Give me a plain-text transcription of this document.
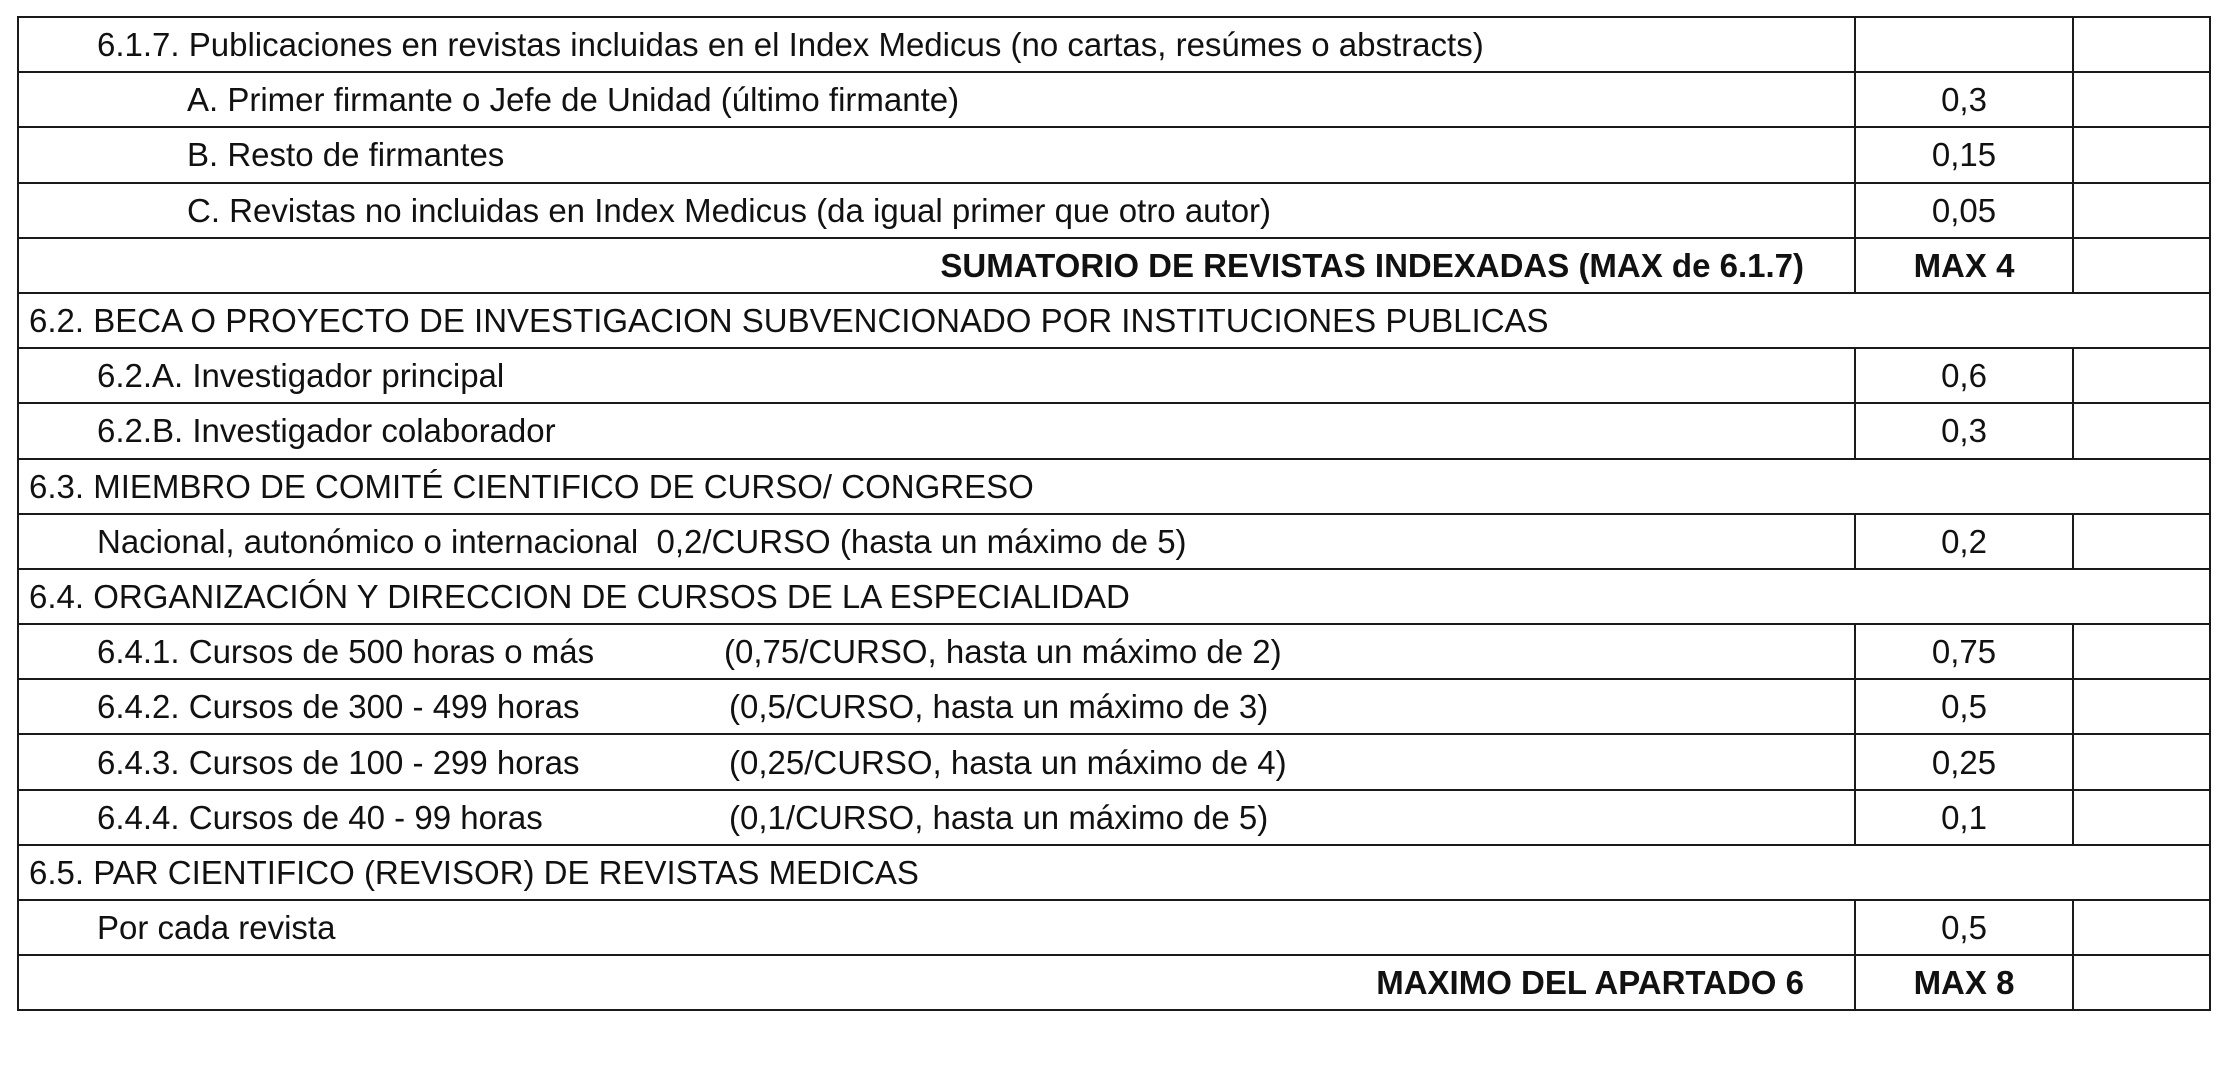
6.1.7. Publicaciones en revistas incluidas en el Index Medicus (no cartas, resúmes o abstracts)		
A. Primer firmante o Jefe de Unidad (último firmante)	0,3	
B. Resto de firmantes	0,15	
C. Revistas no incluidas en Index Medicus (da igual primer que otro autor)	0,05	
SUMATORIO DE REVISTAS INDEXADAS (MAX de 6.1.7)	MAX 4	
6.2. BECA O PROYECTO DE INVESTIGACION SUBVENCIONADO POR INSTITUCIONES PUBLICAS		
6.2.A. Investigador principal	0,6	
6.2.B. Investigador colaborador	0,3	
6.3. MIEMBRO DE COMITÉ CIENTIFICO DE CURSO/ CONGRESO		
Nacional, autonómico o internacional  0,2/CURSO (hasta un máximo de 5)	0,2	
6.4. ORGANIZACIÓN Y DIRECCION DE CURSOS DE LA ESPECIALIDAD		
6.4.1. Cursos de 500 horas o más (0,75/CURSO, hasta un máximo de 2)	0,75	
6.4.2. Cursos de 300 - 499 horas (0,5/CURSO, hasta un máximo de 3)	0,5	
6.4.3. Cursos de 100 - 299 horas (0,25/CURSO, hasta un máximo de 4)	0,25	
6.4.4. Cursos de 40 - 99 horas (0,1/CURSO, hasta un máximo de 5)	0,1	
6.5. PAR CIENTIFICO (REVISOR) DE REVISTAS MEDICAS		
Por cada revista	0,5	
MAXIMO DEL APARTADO 6	MAX 8	
